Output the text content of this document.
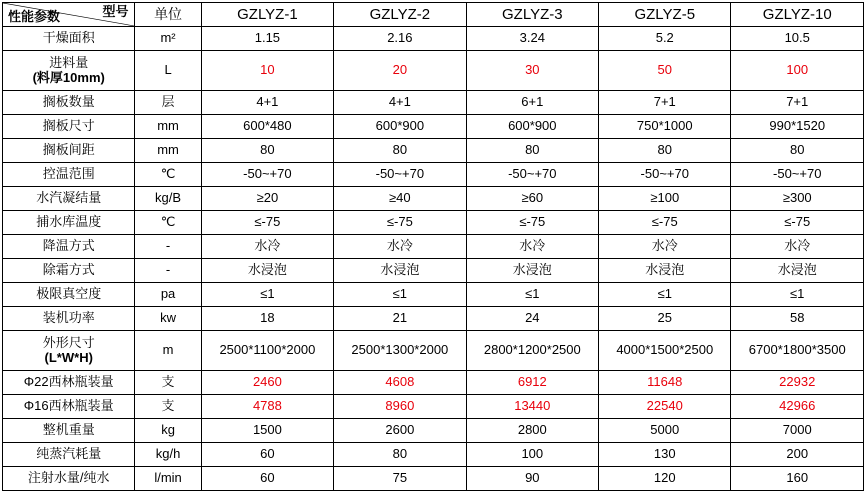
型号
性能参数	单位	GZLYZ-1	GZLYZ-2	GZLYZ-3	GZLYZ-5	GZLYZ-10
干燥面积	m²	1.15	2.16	3.24	5.2	10.5
进料量
(料厚10mm)	L	10	20	30	50	100
搁板数量	层	4+1	4+1	6+1	7+1	7+1
搁板尺寸	mm	600*480	600*900	600*900	750*1000	990*1520
搁板间距	mm	80	80	80	80	80
控温范围	℃	-50~+70	-50~+70	-50~+70	-50~+70	-50~+70
水汽凝结量	kg/B	≥20	≥40	≥60	≥100	≥300
捕水库温度	℃	≤-75	≤-75	≤-75	≤-75	≤-75
降温方式	-	水冷	水冷	水冷	水冷	水冷
除霜方式	-	水浸泡	水浸泡	水浸泡	水浸泡	水浸泡
极限真空度	pa	≤1	≤1	≤1	≤1	≤1
装机功率	kw	18	21	24	25	58
外形尺寸
(L*W*H)	m	2500*1100*2000	2500*1300*2000	2800*1200*2500	4000*1500*2500	6700*1800*3500
Φ22西林瓶装量	支	2460	4608	6912	11648	22932
Φ16西林瓶装量	支	4788	8960	13440	22540	42966
整机重量	kg	1500	2600	2800	5000	7000
纯蒸汽耗量	kg/h	60	80	100	130	200
注射水量/纯水	l/min	60	75	90	120	160
